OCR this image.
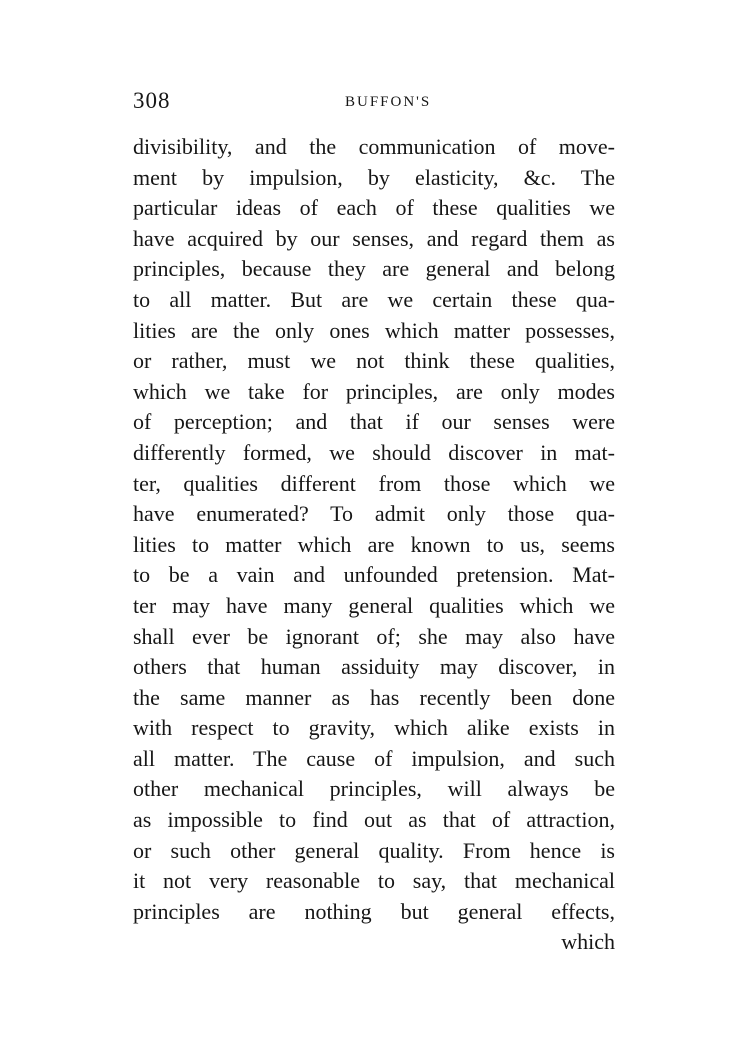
308	BUFFON'S
divisibility, and the communication of move-
ment by impulsion, by elasticity, &c. The
particular ideas of each of these qualities we
have acquired by our senses, and regard them as
principles, because they are general and belong
to all matter. But are we certain these qua-
lities are the only ones which matter possesses,
or rather, must we not think these qualities,
which we take for principles, are only modes
of perception; and that if our senses were
differently formed, we should discover in mat-
ter, qualities different from those which we
have enumerated? To admit only those qua-
lities to matter which are known to us, seems
to be a vain and unfounded pretension. Mat-
ter may have many general qualities which we
shall ever be ignorant of; she may also have
others that human assiduity may discover, in
the same manner as has recently been done
with respect to gravity, which alike exists in
all matter. The cause of impulsion, and such
other mechanical principles, will always be
as impossible to find out as that of attraction,
or such other general quality. From hence is
it not very reasonable to say, that mechanical
principles are nothing but general effects,
which
